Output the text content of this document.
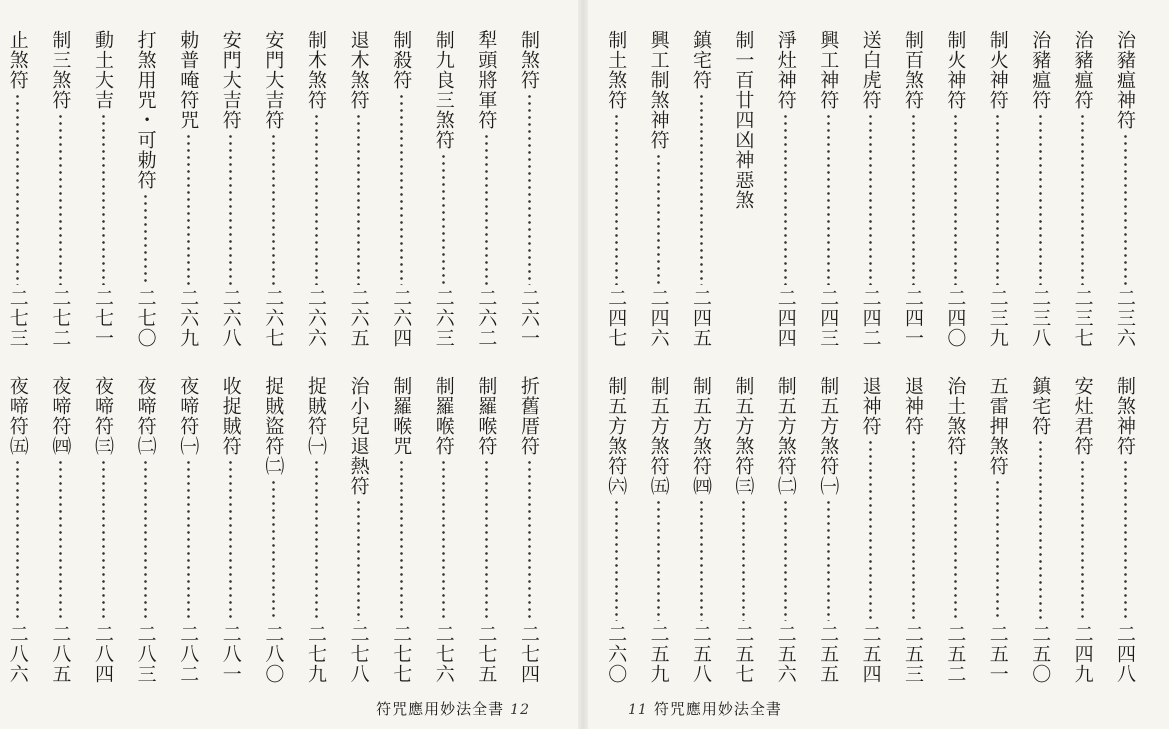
制煞符
二六一
犁頭將軍符
二六二
制九良三煞符
二六三
制殺符
二六四
退木煞符
二六五
制木煞符
二六六
安門大吉符
二六七
安門大吉符
二六八
勅普唵符咒
二六九
打煞用咒・可勅符
二七〇
動土大吉
二七一
制三煞符
二七二
止煞符
二七三
折舊厝符
二七四
制羅喉符
二七五
制羅喉符
二七六
制羅喉咒
二七七
治小兒退熱符
二七八
捉賊符㈠
二七九
捉賊盜符㈡
二八〇
收捉賊符
二八一
夜啼符㈠
二八二
夜啼符㈡
二八三
夜啼符㈢
二八四
夜啼符㈣
二八五
夜啼符㈤
二八六
符咒應用妙法全書 12
治豬瘟神符
二三六
治豬瘟符
二三七
治豬瘟符
二三八
制火神符
二三九
制火神符
二四〇
制百煞符
二四一
送白虎符
二四二
興工神符
二四三
淨灶神符
二四四
制一百廿四凶神惡煞
鎮宅符
二四五
興工制煞神符
二四六
制土煞符
二四七
制煞神符
二四八
安灶君符
二四九
鎮宅符
二五〇
五雷押煞符
二五一
治土煞符
二五二
退神符
二五三
退神符
二五四
制五方煞符㈠
二五五
制五方煞符㈡
二五六
制五方煞符㈢
二五七
制五方煞符㈣
二五八
制五方煞符㈤
二五九
制五方煞符㈥
二六〇
11 符咒應用妙法全書
